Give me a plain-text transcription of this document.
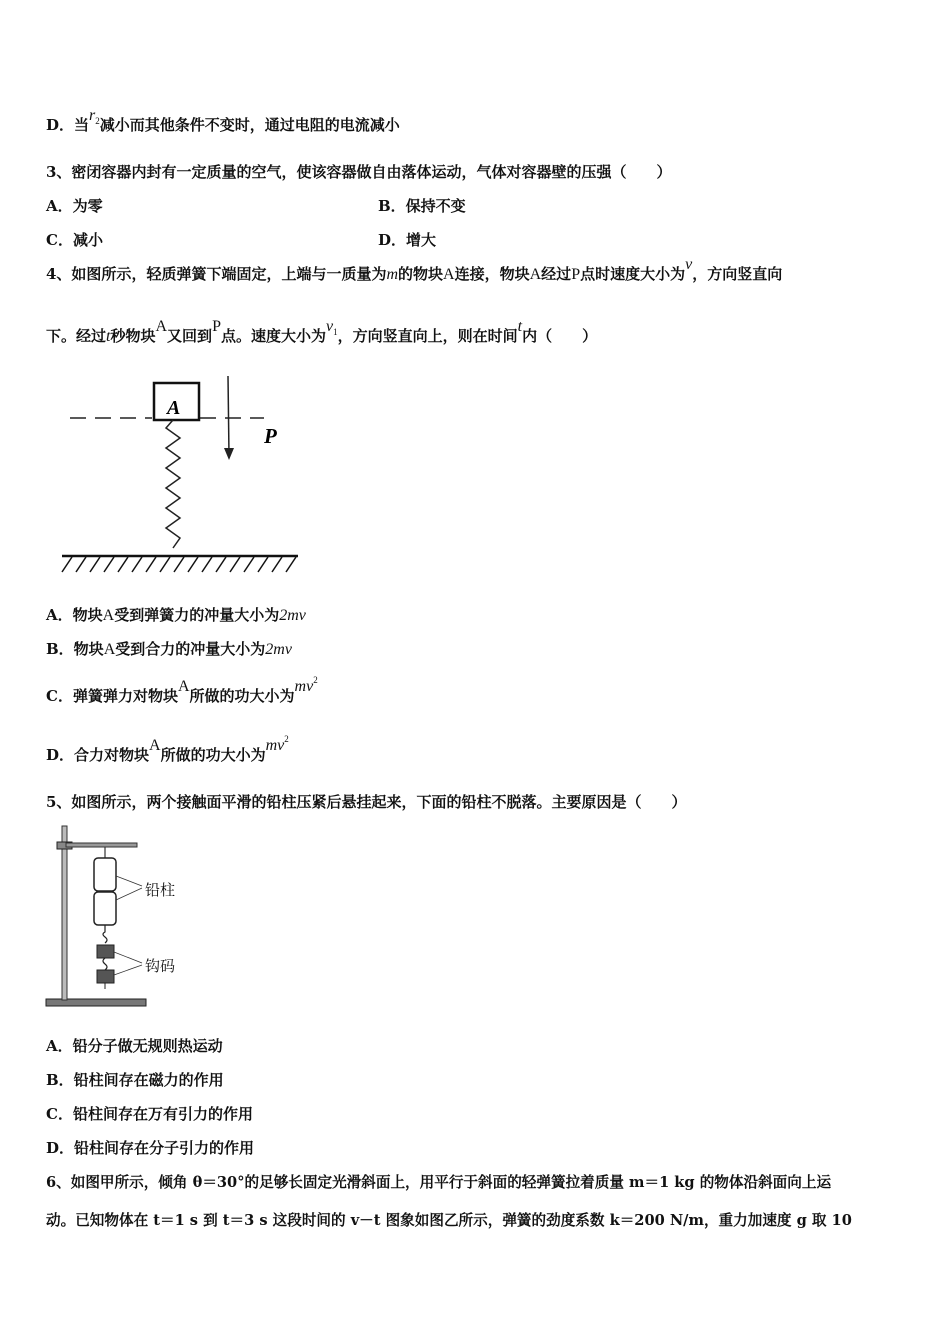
D．当$r_2$减小而其他条件不变时，通过电阻的电流减小
3、密闭容器内封有一定质量的空气，使该容器做自由落体运动，气体对容器壁的压强（　　）
A．为零	B．保持不变
C．减小	D．增大
4、如图所示，轻质弹簧下端固定，上端与一质量为m的物块A连接，物块A经过P点时速度大小为v，方向竖直向
下。经过t秒物块A又回到P点。速度大小为$v_1$，方向竖直向上，则在时间t内（　　）
A
P
A．物块A受到弹簧力的冲量大小为2mv
B．物块A受到合力的冲量大小为2mv
C．弹簧弹力对物块A所做的功大小为$mv^2$
D．合力对物块A所做的功大小为$mv^2$
5、如图所示，两个接触面平滑的铅柱压紧后悬挂起来，下面的铅柱不脱落。主要原因是（　　）
铅柱
钩码
A．铅分子做无规则热运动
B．铅柱间存在磁力的作用
C．铅柱间存在万有引力的作用
D．铅柱间存在分子引力的作用
6、如图甲所示，倾角 θ＝30°的足够长固定光滑斜面上，用平行于斜面的轻弹簧拉着质量 m＝1 kg 的物体沿斜面向上运
动。已知物体在 t＝1 s 到 t＝3 s 这段时间的 v－t 图象如图乙所示，弹簧的劲度系数 k＝200 N/m，重力加速度 g 取 10
